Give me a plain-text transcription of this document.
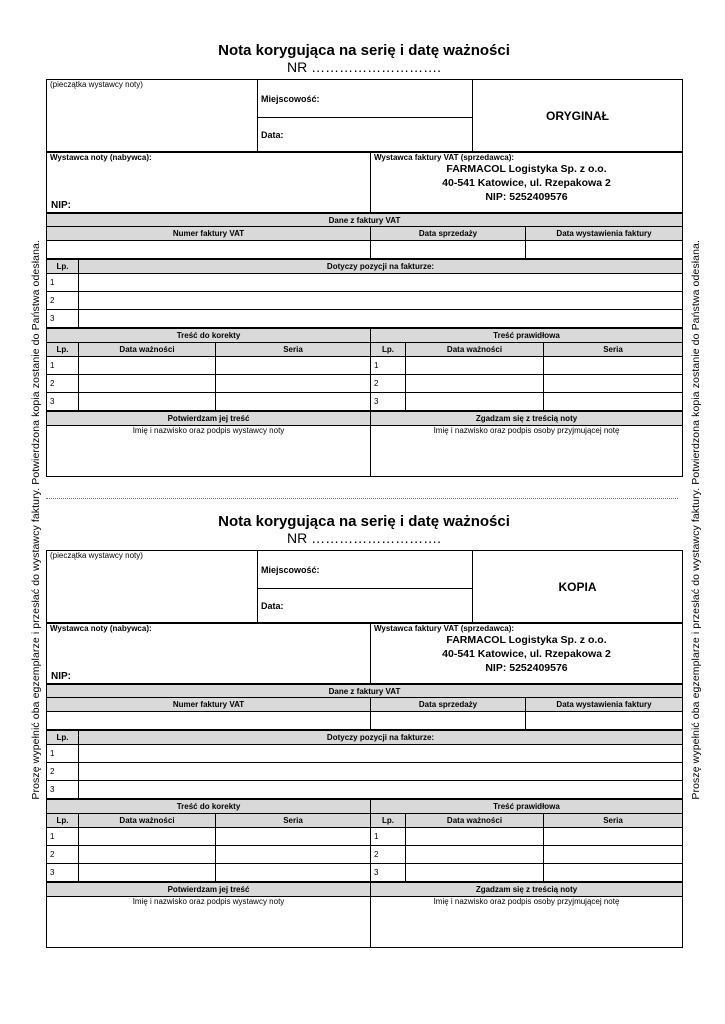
Proszę wypełnić oba egzemplarze i przesłać do wystawcy faktury. Potwierdzona kopia zostanie do Państwa odesłana.	Proszę wypełnić oba egzemplarze i przesłać do wystawcy faktury. Potwierdzona kopia zostanie do Państwa odesłana.
Nota korygująca na serię i datę ważności
NR ……………………….
(pieczątka wystawcy noty)	Miejscowość:	ORYGINAŁ
Data:
Wystawca noty (nabywca):
NIP:

Wystawca faktury VAT (sprzedawca):
FARMACOL Logistyka Sp. z o.o.
40-541 Katowice, ul. Rzepakowa 2
NIP: 5252409576
Dane z faktury VAT		
Numer faktury VAT	Data sprzedaży	Data wystawienia faktury

Lp.	Dotyczy pozycji na fakturze:
1	
2	
3	
Treść do korekty			Treść prawidłowa		
Lp.	Data ważności	Seria	Lp.	Data ważności	Seria
1			1		
2			2		
3			3		
Potwierdzam jej treść	Zgadzam się z treścią noty
Imię i nazwisko oraz podpis wystawcy noty	Imię i nazwisko oraz podpis osoby przyjmującej notę
Nota korygująca na serię i datę ważności
NR ……………………….
(pieczątka wystawcy noty)	Miejscowość:	KOPIA
Data:
Wystawca noty (nabywca):
NIP:

Wystawca faktury VAT (sprzedawca):
FARMACOL Logistyka Sp. z o.o.
40-541 Katowice, ul. Rzepakowa 2
NIP: 5252409576
Dane z faktury VAT		
Numer faktury VAT	Data sprzedaży	Data wystawienia faktury

Lp.	Dotyczy pozycji na fakturze:
1	
2	
3	
Treść do korekty			Treść prawidłowa		
Lp.	Data ważności	Seria	Lp.	Data ważności	Seria
1			1		
2			2		
3			3		
Potwierdzam jej treść	Zgadzam się z treścią noty
Imię i nazwisko oraz podpis wystawcy noty	Imię i nazwisko oraz podpis osoby przyjmującej notę
